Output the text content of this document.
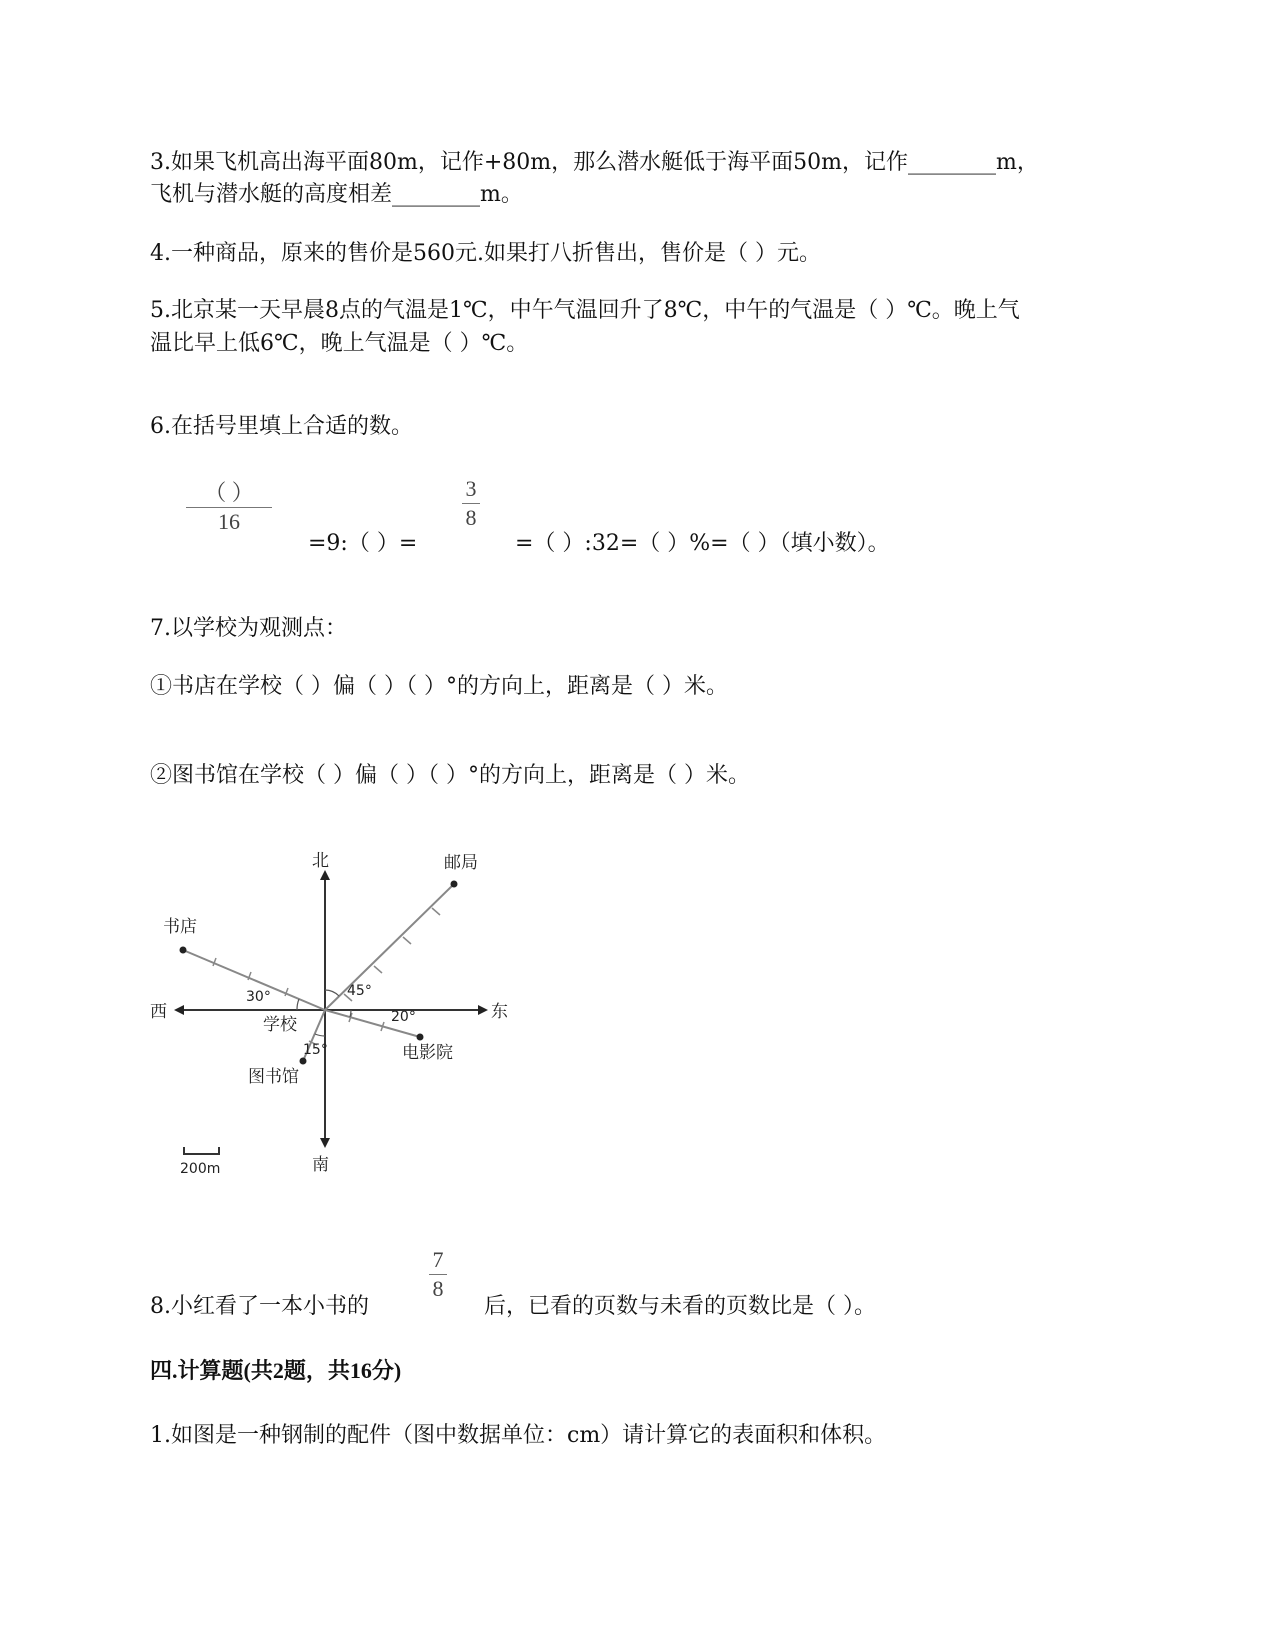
3.如果飞机高出海平面80m，记作+80m，那么潜水艇低于海平面50m，记作________m，
飞机与潜水艇的高度相差________m。
4.一种商品，原来的售价是560元.如果打八折售出，售价是（ ）元。
5.北京某一天早晨8点的气温是1℃，中午气温回升了8℃，中午的气温是（ ）℃。晚上气
温比早上低6℃，晚上气温是（ ）℃。
6.在括号里填上合适的数。
（ ）
16
=9:（ ）=
3
8
=（ ）:32=（ ）%=（ ）（填小数）。
7.以学校为观测点：
①书店在学校（ ）偏（ ）（ ）°的方向上，距离是（ ）米。
②图书馆在学校（ ）偏（ ）（ ）°的方向上，距离是（ ）米。
北
南
东
西
邮局
书店
学校
电影院
图书馆
30°	45°
20°
15°
200m
8.小红看了一本小书的
7
8
后，已看的页数与未看的页数比是（ ）。
四.计算题(共2题，共16分)
1.如图是一种钢制的配件（图中数据单位：cm）请计算它的表面积和体积。
